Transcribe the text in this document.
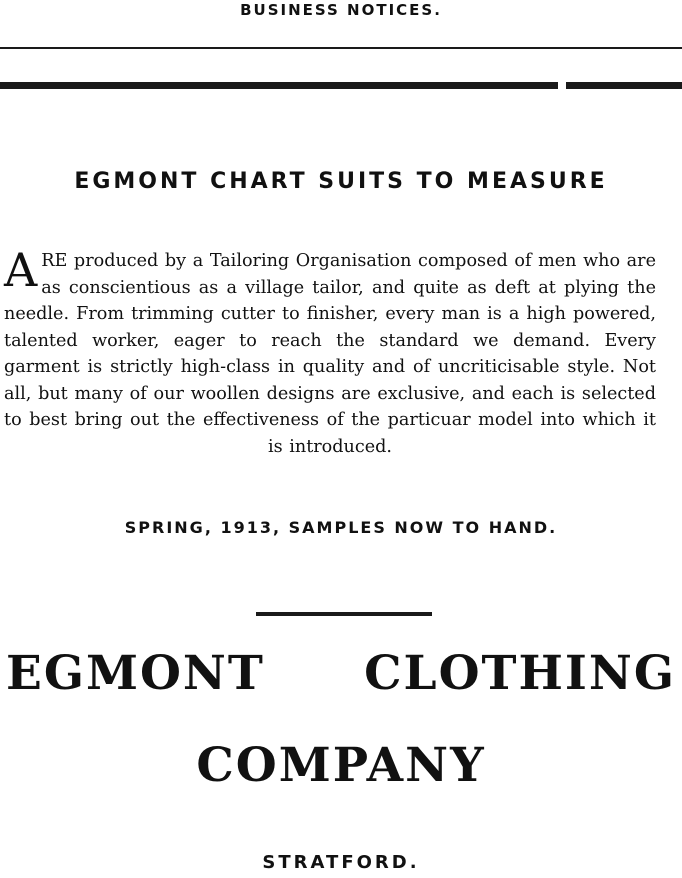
BUSINESS NOTICES.
EGMONT CHART SUITS TO MEASURE
ARE produced by a Tailoring Organisation composed of men who are as conscientious as a village tailor, and quite as deft at plying the needle. From trimming cutter to finisher, every man is a high powered, talented worker, eager to reach the standard we demand. Every garment is strictly high-class in quality and of uncriticisable style. Not all, but many of our woollen designs are exclusive, and each is selected to best bring out the effectiveness of the particuar model into which it is introduced.
SPRING, 1913, SAMPLES NOW TO HAND.
EGMONT CLOTHING
COMPANY
STRATFORD.
